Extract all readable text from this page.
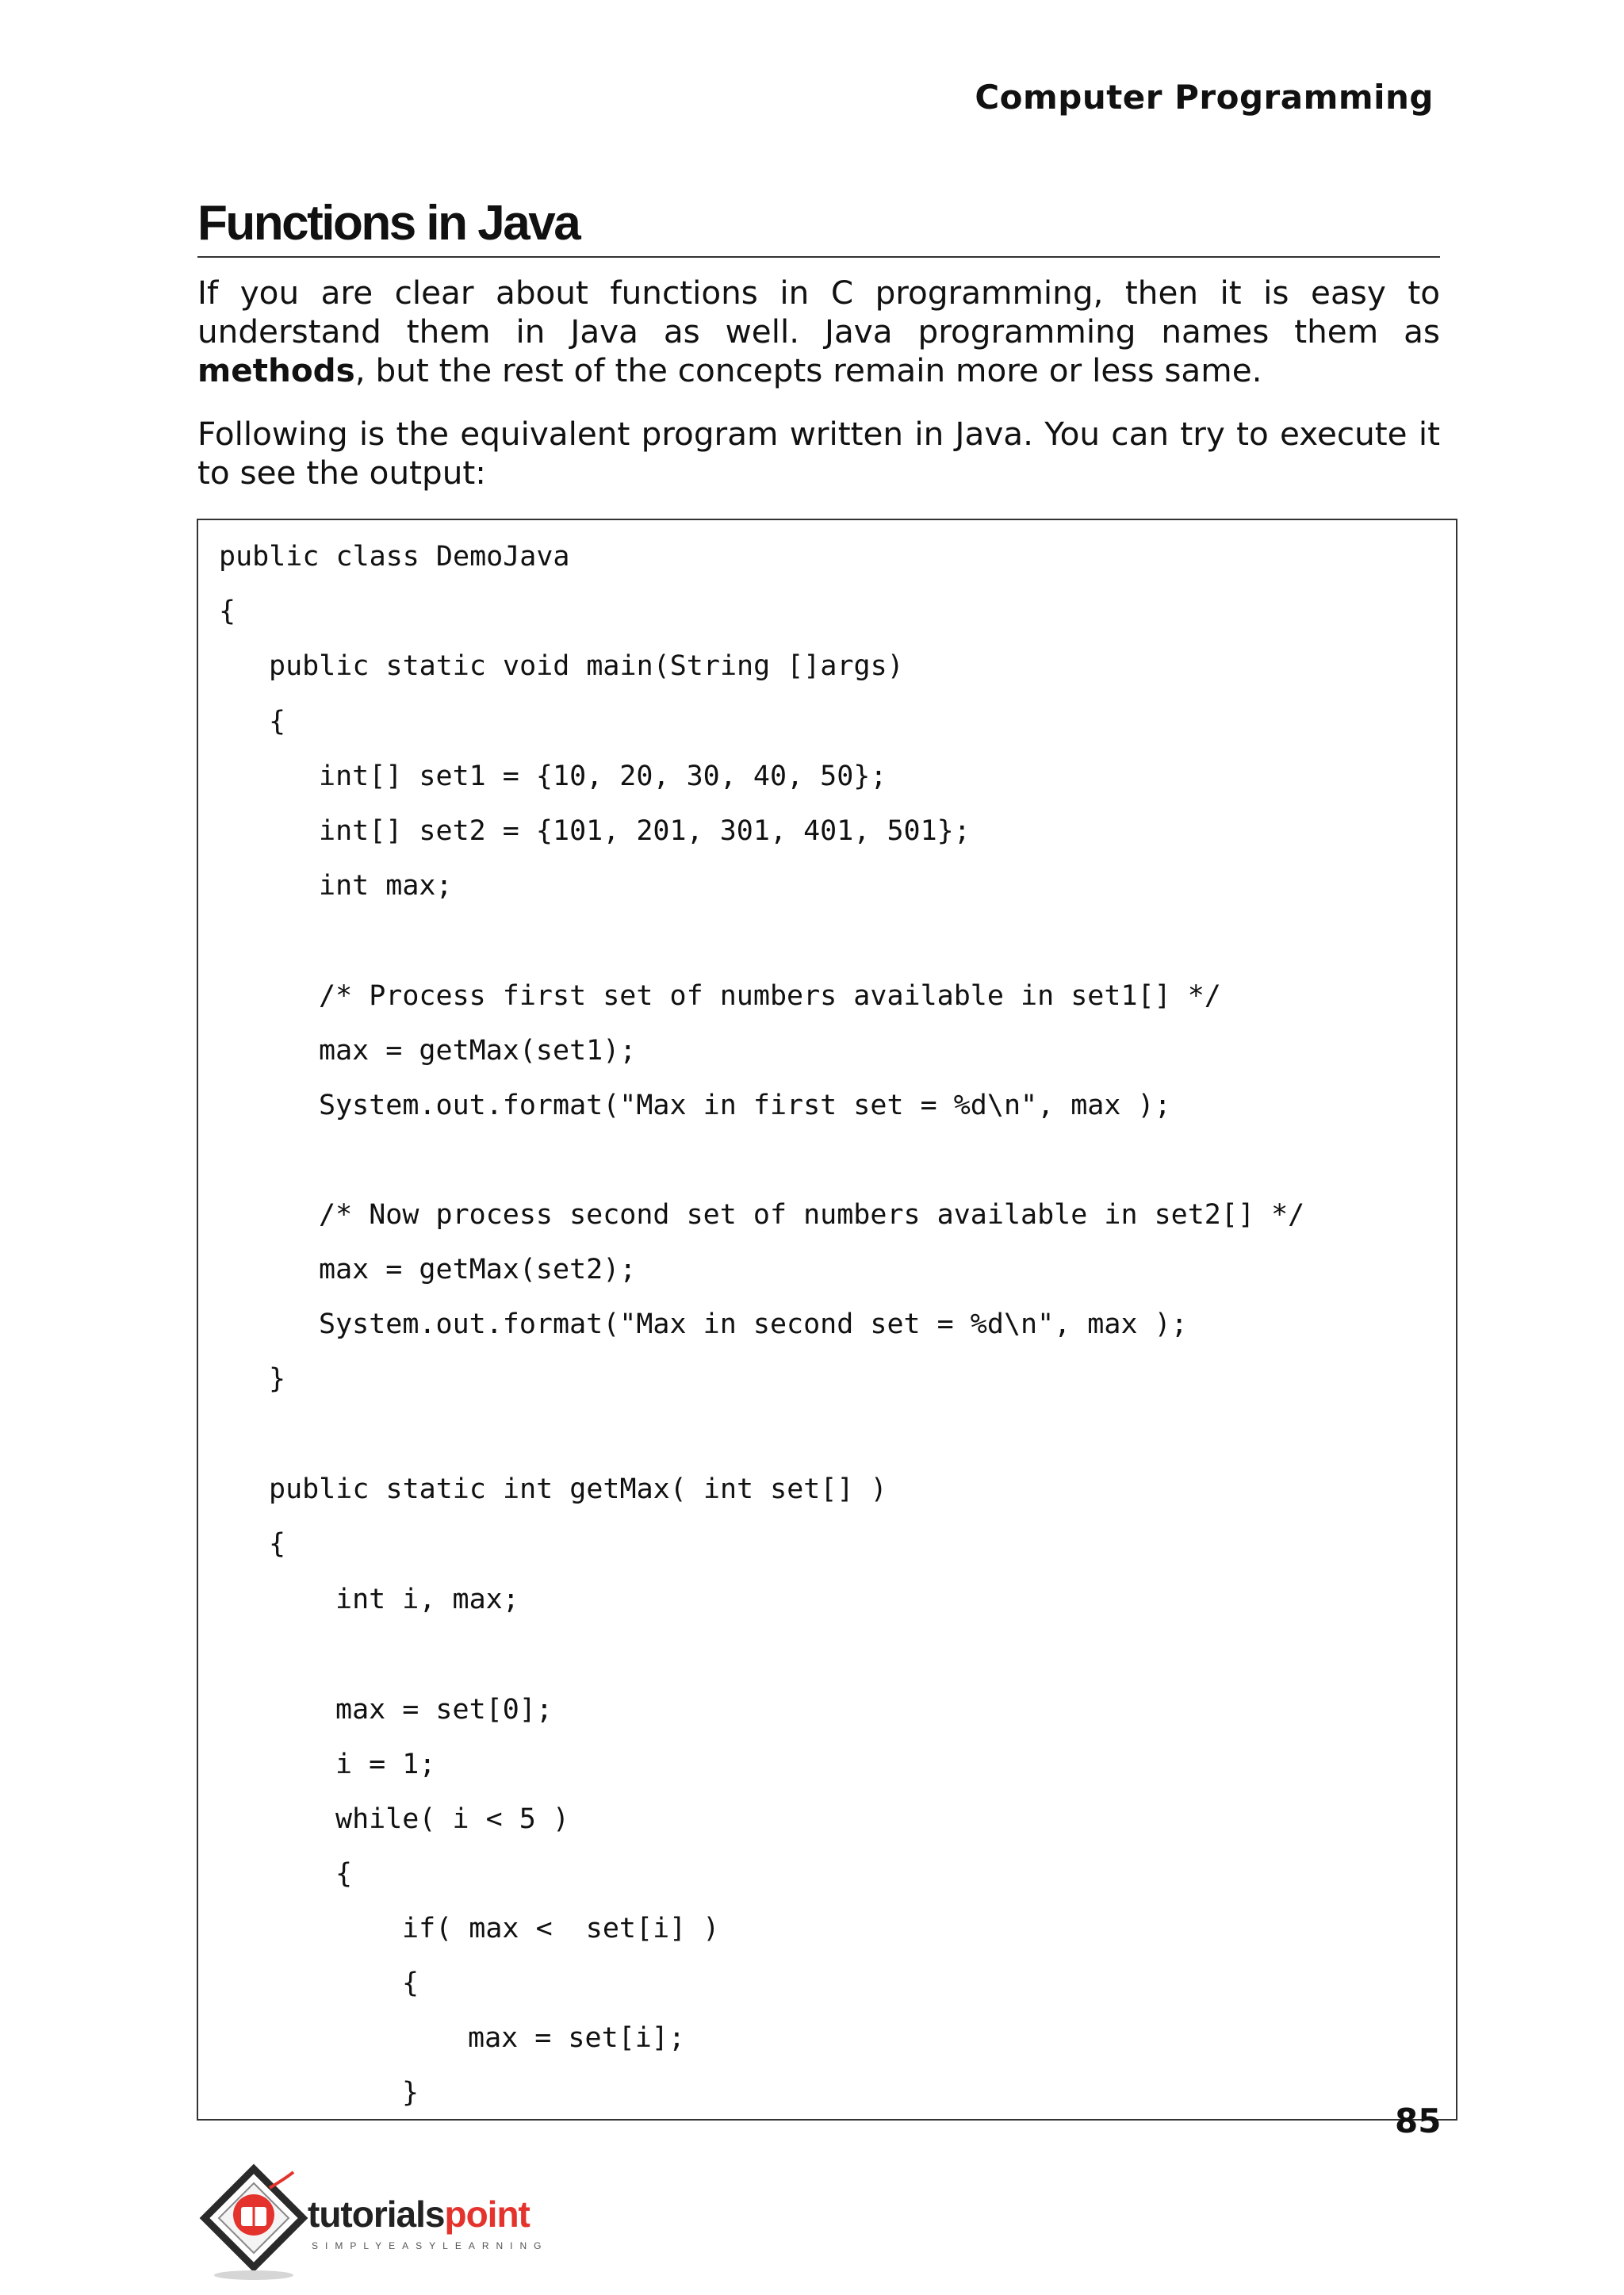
Computer Programming
Functions in Java

If you are clear about functions in C programming, then it is easy to understand them in Java as well. Java programming names them as methods, but the rest of the concepts remain more or less same.

Following is the equivalent program written in Java. You can try to execute it to see the output:

public class DemoJava
{
public static void main(String []args)
{
int[] set1 = {10, 20, 30, 40, 50};
int[] set2 = {101, 201, 301, 401, 501};
int max;
/* Process first set of numbers available in set1[] */
max = getMax(set1);
System.out.format("Max in first set = %d\n", max );
/* Now process second set of numbers available in set2[] */
max = getMax(set2);
System.out.format("Max in second set = %d\n", max );
}
public static int getMax( int set[] )
{
int i, max;
max = set[0];
i = 1;
while( i < 5 )
{
if( max <  set[i] )
{
max = set[i];
}
85
tutorialspoint
SIMPLYEASYLEARNING
